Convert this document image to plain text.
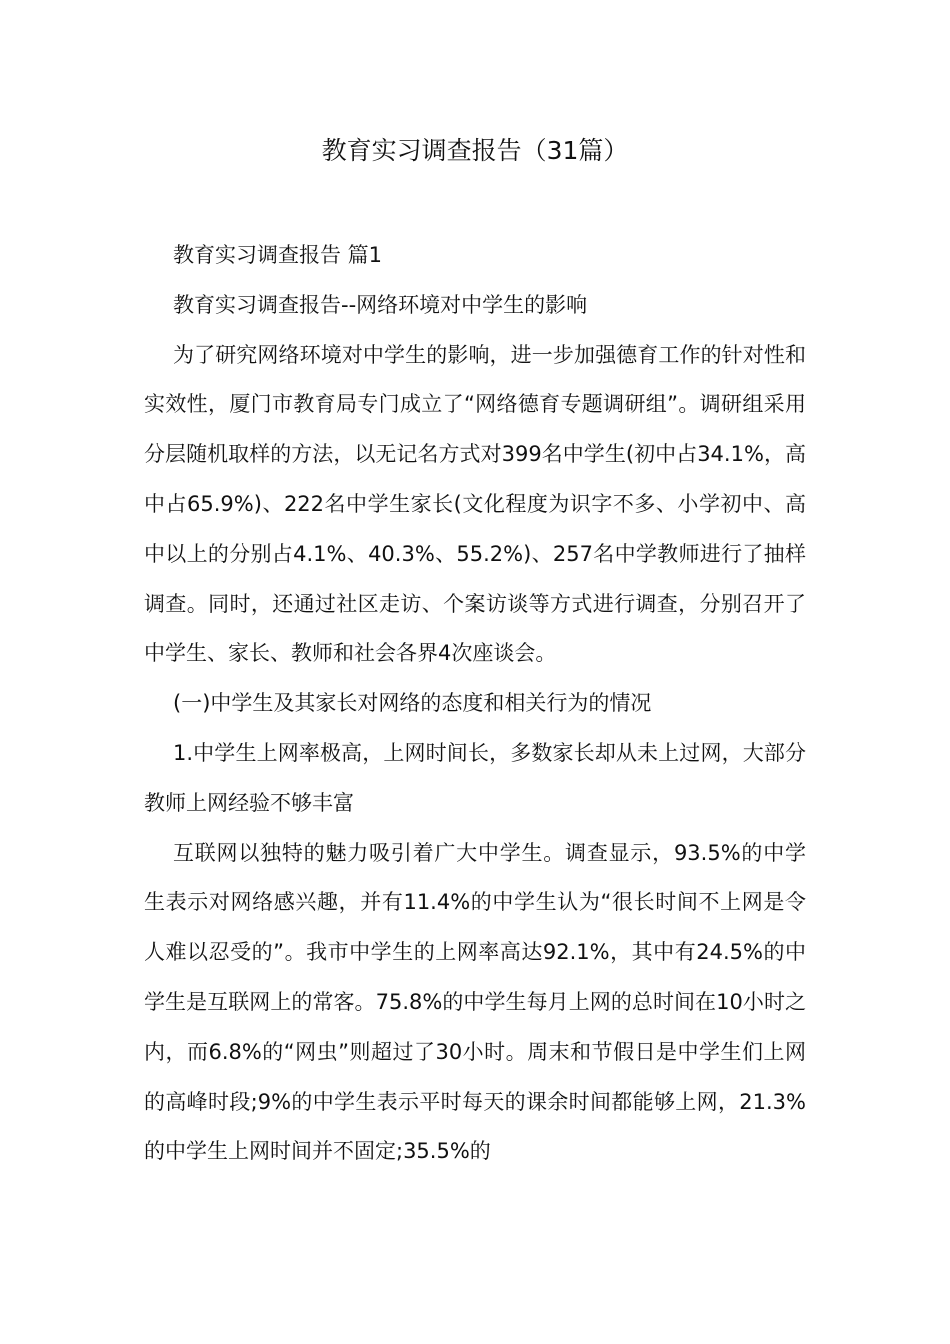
教育实习调查报告（31篇）

教育实习调查报告 篇1

教育实习调查报告--网络环境对中学生的影响

为了研究网络环境对中学生的影响，进一步加强德育工作的针对性和实效性，厦门市教育局专门成立了“网络德育专题调研组”。调研组采用分层随机取样的方法，以无记名方式对399名中学生(初中占34.1%，高中占65.9%)、222名中学生家长(文化程度为识字不多、小学初中、高中以上的分别占4.1%、40.3%、55.2%)、257名中学教师进行了抽样调查。同时，还通过社区走访、个案访谈等方式进行调查，分别召开了中学生、家长、教师和社会各界4次座谈会。

(一)中学生及其家长对网络的态度和相关行为的情况

1.中学生上网率极高，上网时间长，多数家长却从未上过网，大部分教师上网经验不够丰富

互联网以独特的魅力吸引着广大中学生。调查显示，93.5%的中学生表示对网络感兴趣，并有11.4%的中学生认为“很长时间不上网是令人难以忍受的”。我市中学生的上网率高达92.1%，其中有24.5%的中学生是互联网上的常客。75.8%的中学生每月上网的总时间在10小时之内，而6.8%的“网虫”则超过了30小时。周末和节假日是中学生们上网的高峰时段;9%的中学生表示平时每天的课余时间都能够上网，21.3%的中学生上网时间并不固定;35.5%的
